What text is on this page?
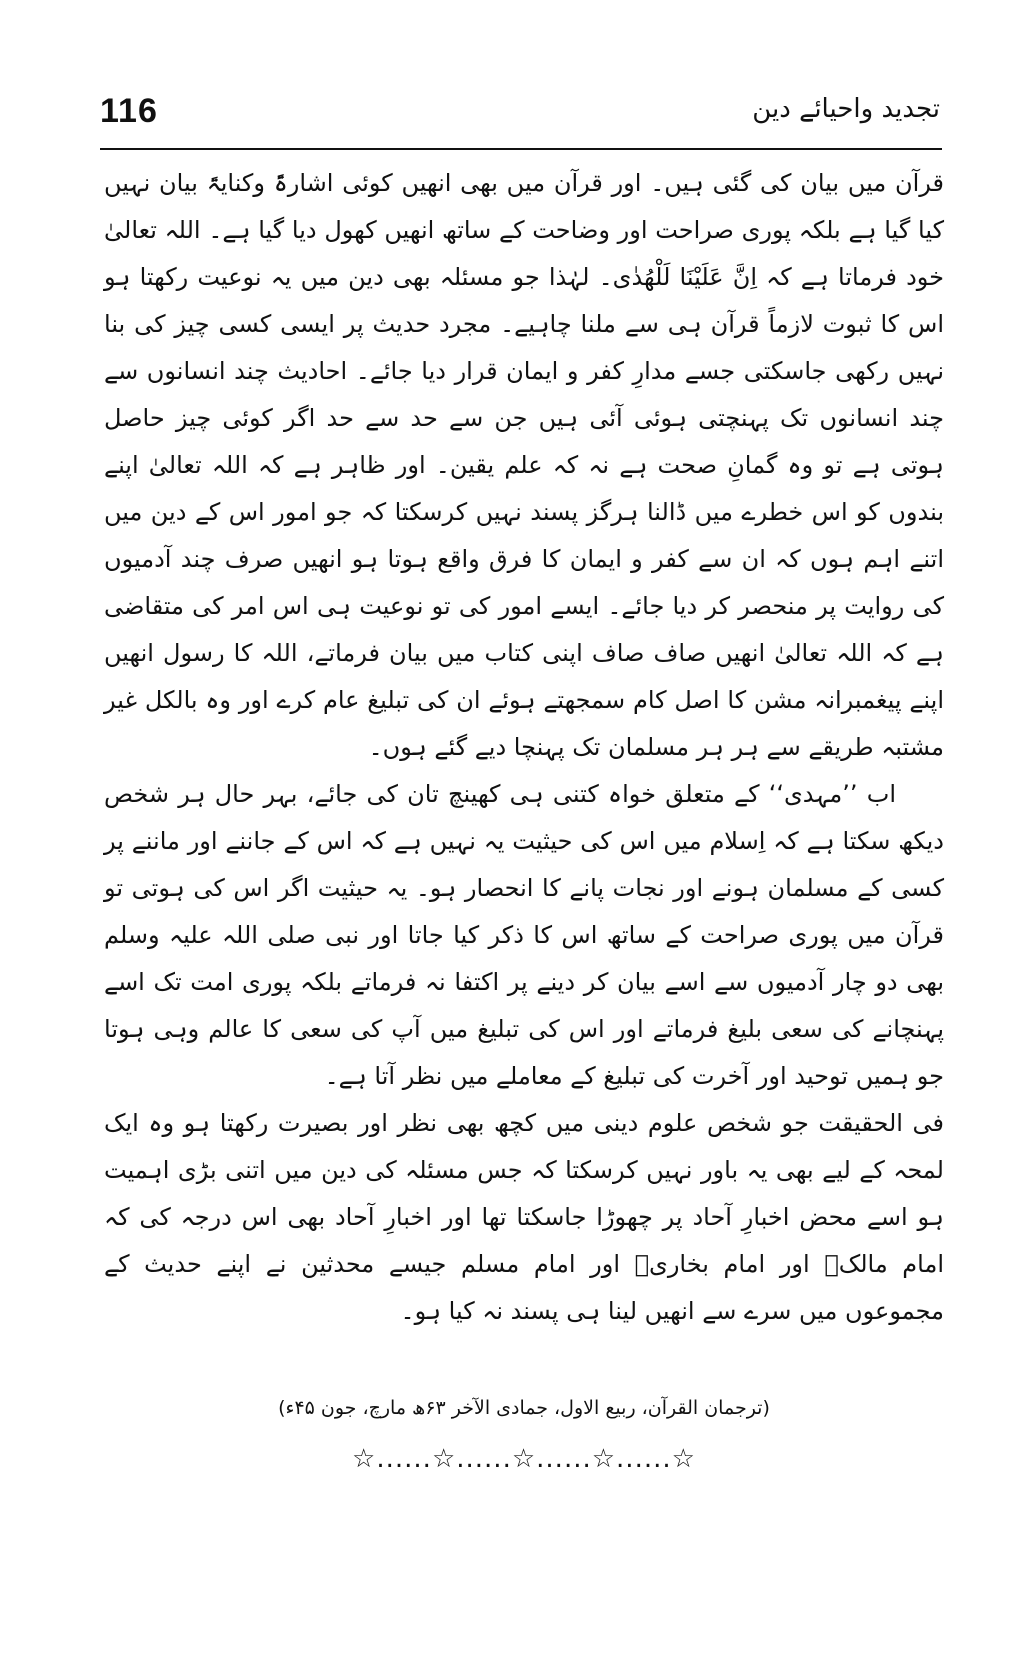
116	تجدید واحیائے دین

قرآن میں بیان کی گئی ہیں۔ اور قرآن میں بھی انھیں کوئی اشارۃً وکنایۃً بیان نہیں کیا گیا ہے بلکہ پوری صراحت اور وضاحت کے ساتھ انھیں کھول دیا گیا ہے۔ اللہ تعالیٰ خود فرماتا ہے کہ اِنَّ عَلَیْنَا لَلْھُدٰی۔ لہٰذا جو مسئلہ بھی دین میں یہ نوعیت رکھتا ہو اس کا ثبوت لازماً قرآن ہی سے ملنا چاہیے۔ مجرد حدیث پر ایسی کسی چیز کی بنا نہیں رکھی جاسکتی جسے مدارِ کفر و ایمان قرار دیا جائے۔ احادیث چند انسانوں سے چند انسانوں تک پہنچتی ہوئی آئی ہیں جن سے حد سے حد اگر کوئی چیز حاصل ہوتی ہے تو وہ گمانِ صحت ہے نہ کہ علم یقین۔ اور ظاہر ہے کہ اللہ تعالیٰ اپنے بندوں کو اس خطرے میں ڈالنا ہرگز پسند نہیں کرسکتا کہ جو امور اس کے دین میں اتنے اہم ہوں کہ ان سے کفر و ایمان کا فرق واقع ہوتا ہو انھیں صرف چند آدمیوں کی روایت پر منحصر کر دیا جائے۔ ایسے امور کی تو نوعیت ہی اس امر کی متقاضی ہے کہ اللہ تعالیٰ انھیں صاف صاف اپنی کتاب میں بیان فرماتے، اللہ کا رسول انھیں اپنے پیغمبرانہ مشن کا اصل کام سمجھتے ہوئے ان کی تبلیغ عام کرے اور وہ بالکل غیر مشتبہ طریقے سے ہر ہر مسلمان تک پہنچا دیے گئے ہوں۔

اب ’’مہدی‘‘ کے متعلق خواہ کتنی ہی کھینچ تان کی جائے، بہر حال ہر شخص دیکھ سکتا ہے کہ اِسلام میں اس کی حیثیت یہ نہیں ہے کہ اس کے جاننے اور ماننے پر کسی کے مسلمان ہونے اور نجات پانے کا انحصار ہو۔ یہ حیثیت اگر اس کی ہوتی تو قرآن میں پوری صراحت کے ساتھ اس کا ذکر کیا جاتا اور نبی صلی اللہ علیہ وسلم بھی دو چار آدمیوں سے اسے بیان کر دینے پر اکتفا نہ فرماتے بلکہ پوری امت تک اسے پہنچانے کی سعی بلیغ فرماتے اور اس کی تبلیغ میں آپ کی سعی کا عالم وہی ہوتا جو ہمیں توحید اور آخرت کی تبلیغ کے معاملے میں نظر آتا ہے۔

فی الحقیقت جو شخص علوم دینی میں کچھ بھی نظر اور بصیرت رکھتا ہو وہ ایک لمحہ کے لیے بھی یہ باور نہیں کرسکتا کہ جس مسئلہ کی دین میں اتنی بڑی اہمیت ہو اسے محض اخبارِ آحاد پر چھوڑا جاسکتا تھا اور اخبارِ آحاد بھی اس درجہ کی کہ امام مالکؒ اور امام بخاریؒ اور امام مسلم جیسے محدثین نے اپنے حدیث کے مجموعوں میں سرے سے انھیں لینا ہی پسند نہ کیا ہو۔

(ترجمان القرآن، ربیع الاول، جمادی الآخر ۶۳ھ مارچ، جون ۴۵ء)
☆......☆......☆......☆......☆
